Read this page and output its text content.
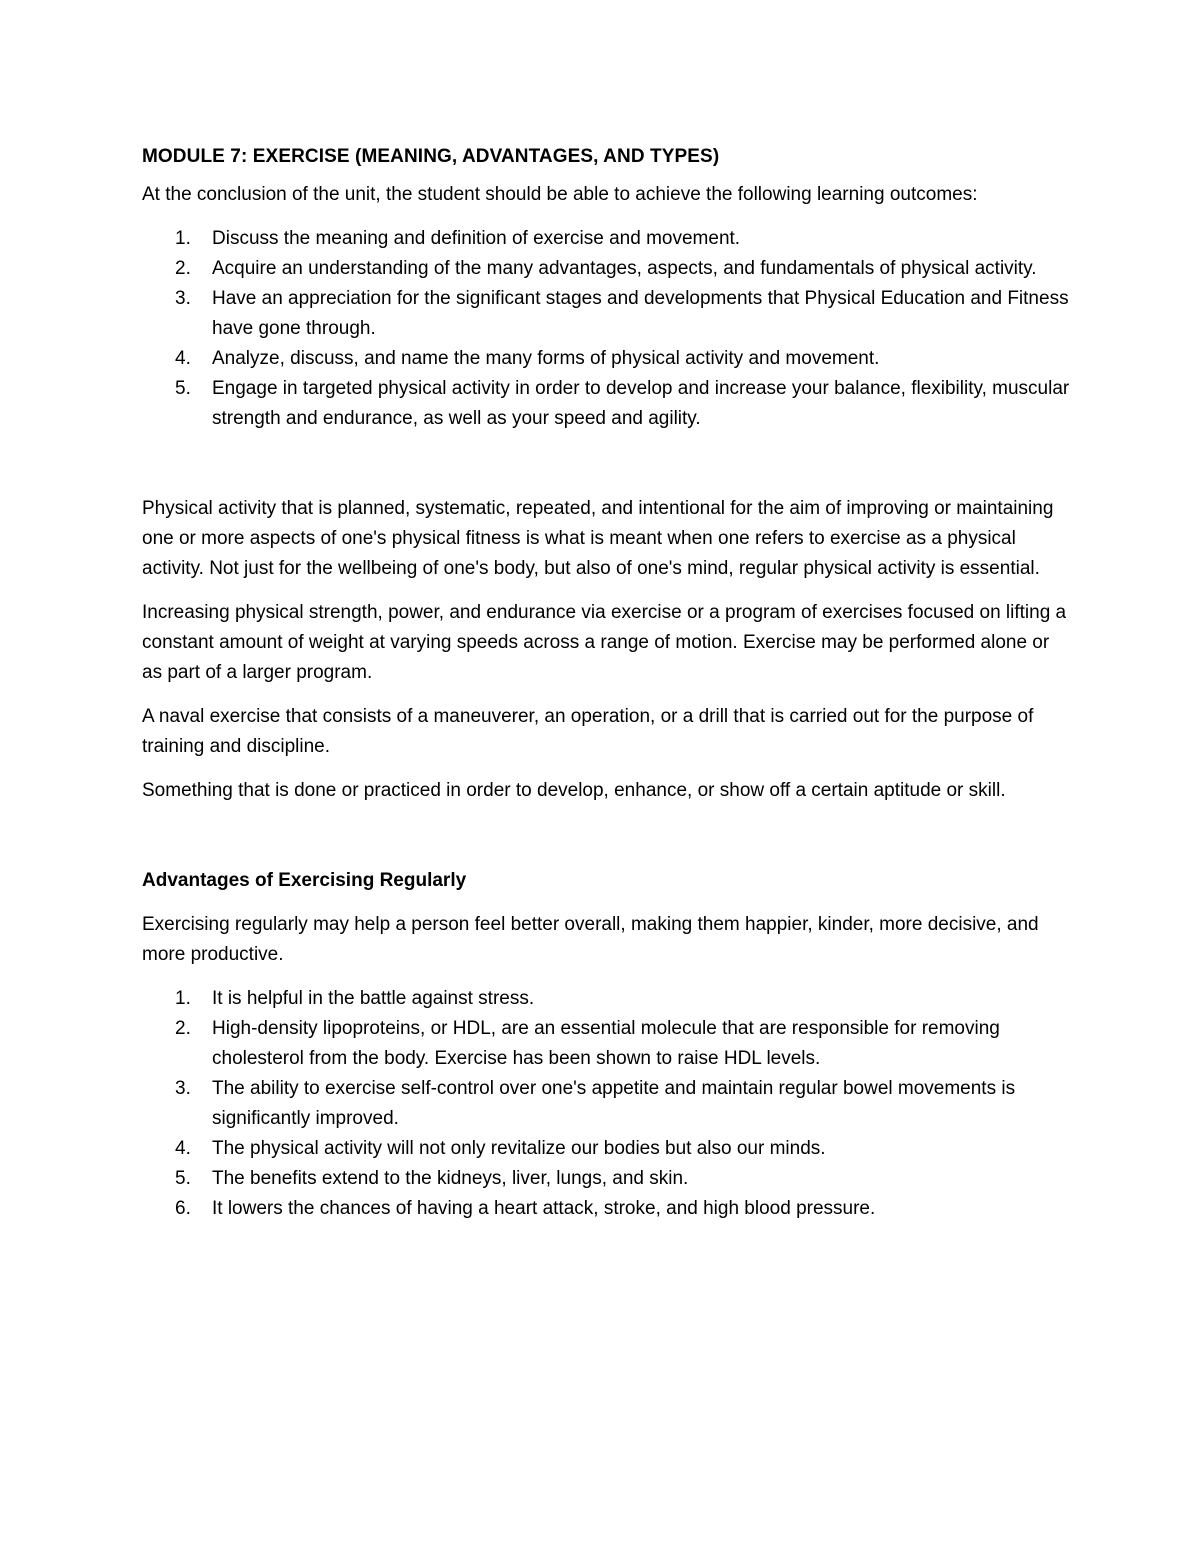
MODULE 7: EXERCISE (MEANING, ADVANTAGES, AND TYPES)

At the conclusion of the unit, the student should be able to achieve the following learning outcomes:

1. Discuss the meaning and definition of exercise and movement.
2. Acquire an understanding of the many advantages, aspects, and fundamentals of physical activity.
3. Have an appreciation for the significant stages and developments that Physical Education and Fitness have gone through.
4. Analyze, discuss, and name the many forms of physical activity and movement.
5. Engage in targeted physical activity in order to develop and increase your balance, flexibility, muscular strength and endurance, as well as your speed and agility.

Physical activity that is planned, systematic, repeated, and intentional for the aim of improving or maintaining one or more aspects of one's physical fitness is what is meant when one refers to exercise as a physical activity. Not just for the wellbeing of one's body, but also of one's mind, regular physical activity is essential.

Increasing physical strength, power, and endurance via exercise or a program of exercises focused on lifting a constant amount of weight at varying speeds across a range of motion. Exercise may be performed alone or as part of a larger program.

A naval exercise that consists of a maneuverer, an operation, or a drill that is carried out for the purpose of training and discipline.

Something that is done or practiced in order to develop, enhance, or show off a certain aptitude or skill.

Advantages of Exercising Regularly

Exercising regularly may help a person feel better overall, making them happier, kinder, more decisive, and more productive.

1. It is helpful in the battle against stress.
2. High-density lipoproteins, or HDL, are an essential molecule that are responsible for removing cholesterol from the body. Exercise has been shown to raise HDL levels.
3. The ability to exercise self-control over one's appetite and maintain regular bowel movements is significantly improved.
4. The physical activity will not only revitalize our bodies but also our minds.
5. The benefits extend to the kidneys, liver, lungs, and skin.
6. It lowers the chances of having a heart attack, stroke, and high blood pressure.
